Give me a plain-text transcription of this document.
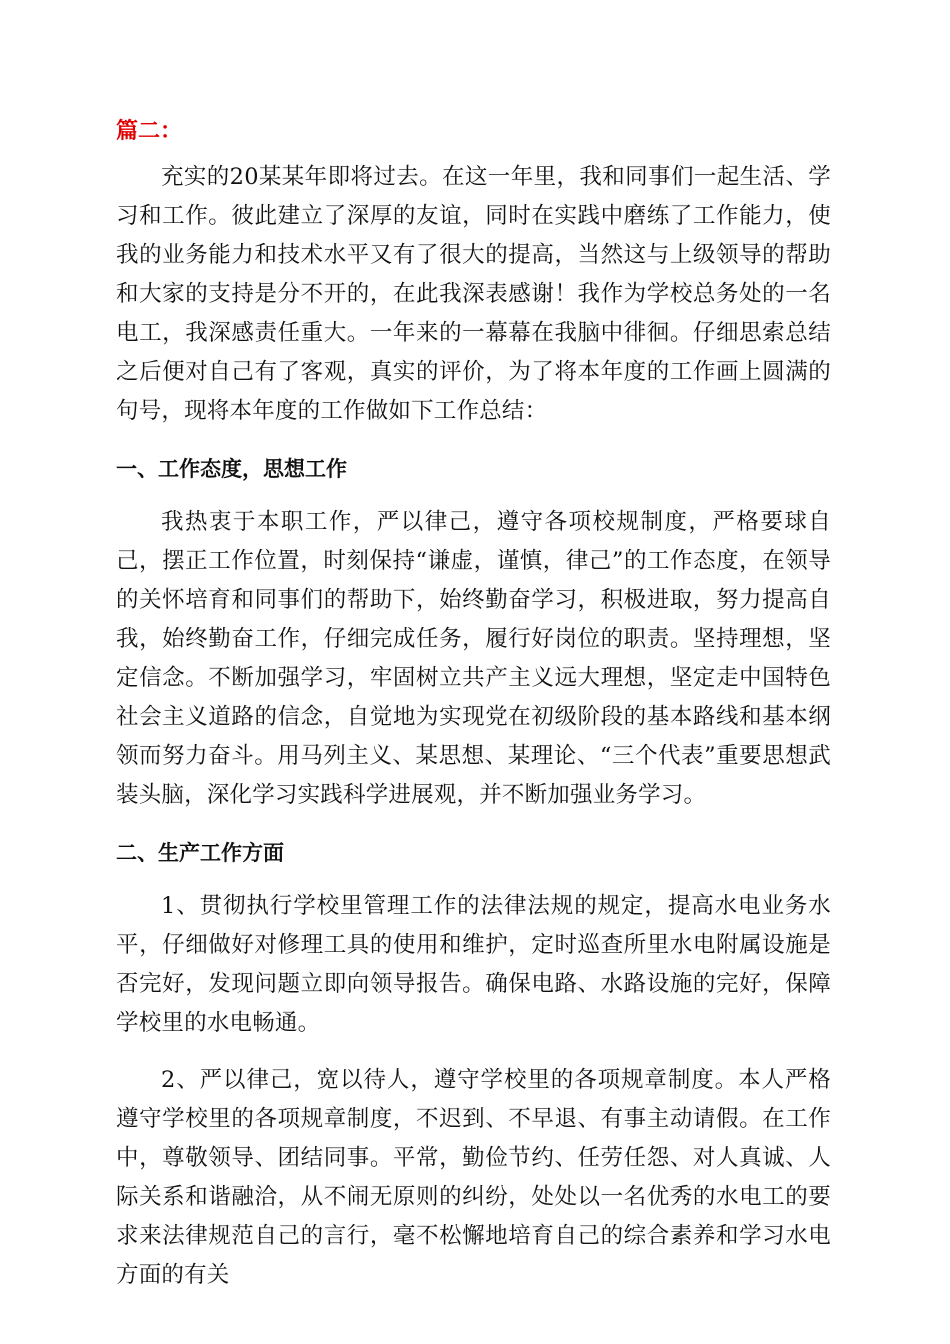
篇二：

充实的20某某年即将过去。在这一年里，我和同事们一起生活、学习和工作。彼此建立了深厚的友谊，同时在实践中磨练了工作能力，使我的业务能力和技术水平又有了很大的提高，当然这与上级领导的帮助和大家的支持是分不开的，在此我深表感谢！我作为学校总务处的一名电工，我深感责任重大。一年来的一幕幕在我脑中徘徊。仔细思索总结之后便对自己有了客观，真实的评价，为了将本年度的工作画上圆满的句号，现将本年度的工作做如下工作总结：

一、工作态度，思想工作

我热衷于本职工作，严以律己，遵守各项校规制度，严格要球自己，摆正工作位置，时刻保持“谦虚，谨慎，律己”的工作态度，在领导的关怀培育和同事们的帮助下，始终勤奋学习，积极进取，努力提高自我，始终勤奋工作，仔细完成任务，履行好岗位的职责。坚持理想，坚定信念。不断加强学习，牢固树立共产主义远大理想，坚定走中国特色社会主义道路的信念，自觉地为实现党在初级阶段的基本路线和基本纲领而努力奋斗。用马列主义、某思想、某理论、“三个代表”重要思想武装头脑，深化学习实践科学进展观，并不断加强业务学习。

二、生产工作方面

1、贯彻执行学校里管理工作的法律法规的规定，提高水电业务水平，仔细做好对修理工具的使用和维护，定时巡查所里水电附属设施是否完好，发现问题立即向领导报告。确保电路、水路设施的完好，保障学校里的水电畅通。

2、严以律己，宽以待人，遵守学校里的各项规章制度。本人严格遵守学校里的各项规章制度，不迟到、不早退、有事主动请假。在工作中，尊敬领导、团结同事。平常，勤俭节约、任劳任怨、对人真诚、人际关系和谐融洽，从不闹无原则的纠纷，处处以一名优秀的水电工的要求来法律规范自己的言行，毫不松懈地培育自己的综合素养和学习水电方面的有关
